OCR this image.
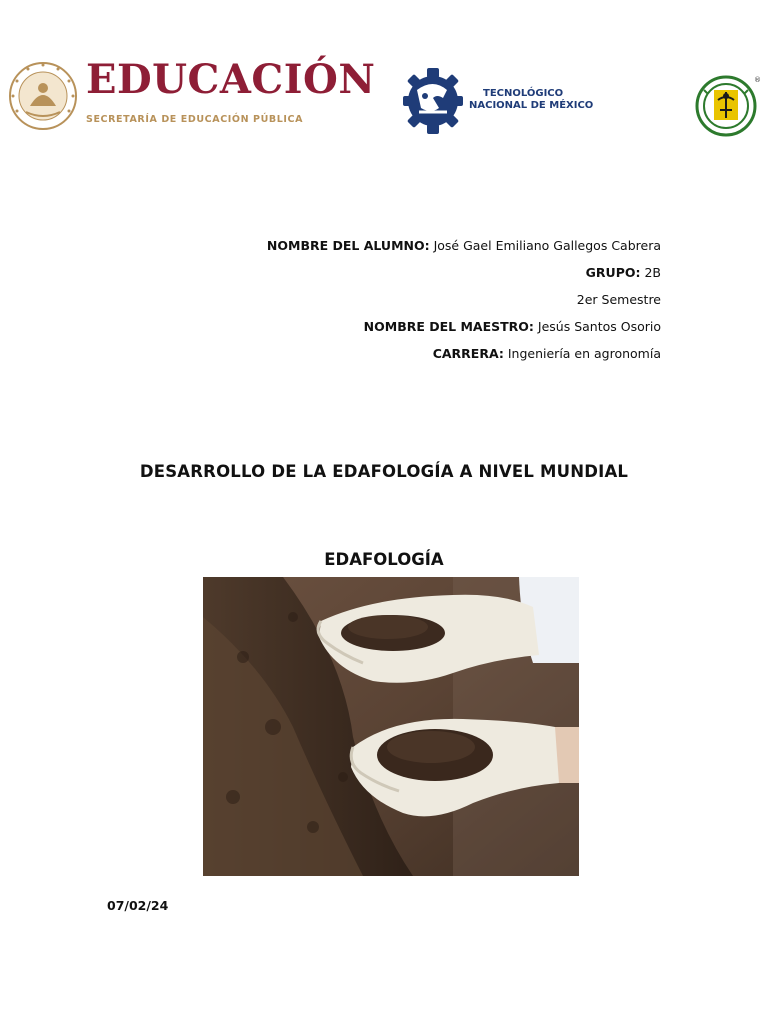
EDUCACIÓN
SECRETARÍA DE EDUCACIÓN PÚBLICA
TECNOLÓGICO
NACIONAL DE MÉXICO
®
NOMBRE DEL ALUMNO: José Gael Emiliano Gallegos Cabrera
GRUPO: 2B
2er Semestre
NOMBRE DEL MAESTRO: Jesús Santos Osorio
CARRERA: Ingeniería en agronomía
DESARROLLO DE LA EDAFOLOGÍA A NIVEL MUNDIAL
EDAFOLOGÍA
07/02/24
